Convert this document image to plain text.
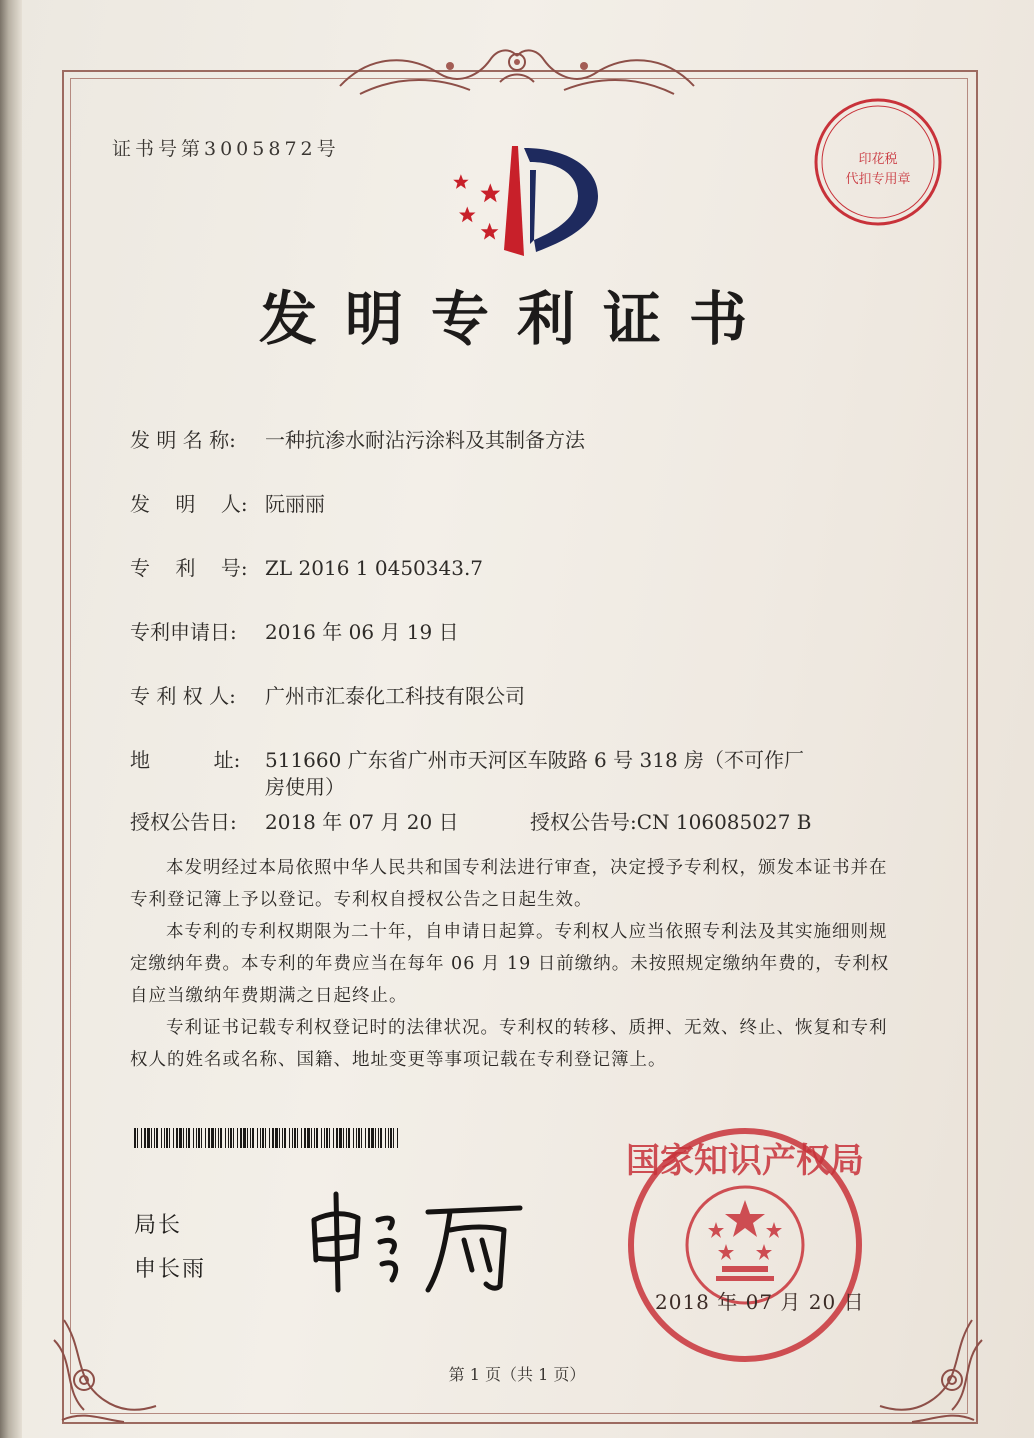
证书号第3005872号	印花税
代扣专用章
发明专利证书
发 明 名 称: 一种抗渗水耐沾污涂料及其制备方法
发    明    人: 阮丽丽
专    利    号: ZL 2016 1 0450343.7
专利申请日: 2016 年 06 月 19 日
专 利 权 人: 广州市汇泰化工科技有限公司
地          址: 511660 广东省广州市天河区车陂路 6 号 318 房（不可作厂
房使用）
授权公告日: 2018 年 07 月 20 日	授权公告号:CN 106085027 B
本发明经过本局依照中华人民共和国专利法进行审查，决定授予专利权，颁发本证书并在专利登记簿上予以登记。专利权自授权公告之日起生效。
本专利的专利权期限为二十年，自申请日起算。专利权人应当依照专利法及其实施细则规定缴纳年费。本专利的年费应当在每年 06 月 19 日前缴纳。未按照规定缴纳年费的，专利权自应当缴纳年费期满之日起终止。
专利证书记载专利权登记时的法律状况。专利权的转移、质押、无效、终止、恢复和专利权人的姓名或名称、国籍、地址变更等事项记载在专利登记簿上。
局长
申长雨
国家知识产权局
2018 年 07 月 20 日
第 1 页（共 1 页）
